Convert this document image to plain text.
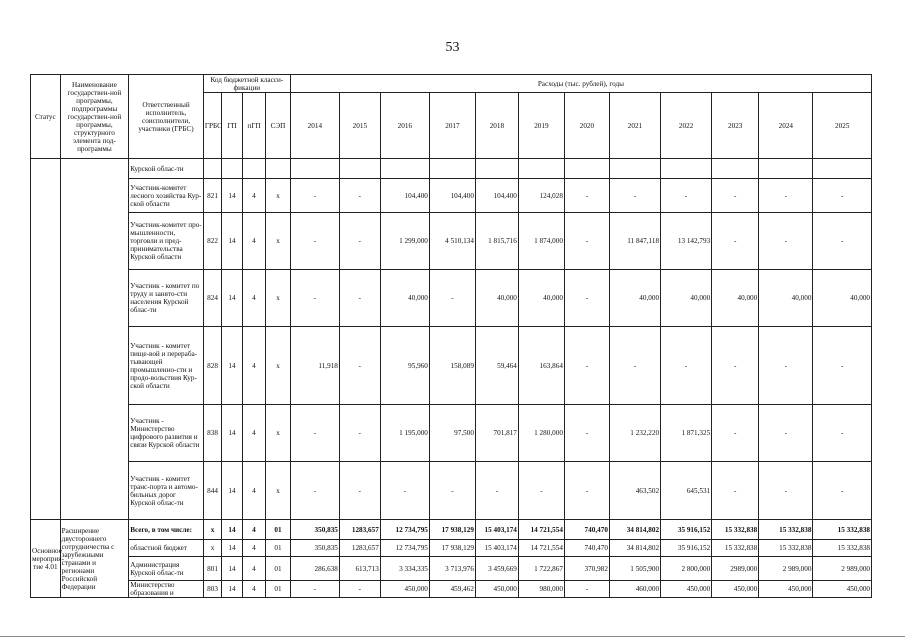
53
Статус	Наименование государствен-ной программы, подпрограммы государствен-ной программы, структурного элемента под-программы	Ответственный исполнитель, соисполнители, участники (ГРБС)	Код бюджетной класси-фикации				Расходы (тыс. рублей), годы											
			ГРБС	ГП	пГП	СЭП	2014	2015	2016	2017	2018	2019	2020	2021	2022	2023	2024	2025

		Курской облас-ти																
		Участник-комитет лесного хозяйства Кур-ской области	821	14	4	х	-	-	104,400	104,400	104,400	124,028	-	-	-	-	-	-
		Участник-комитет про-мышленности, торговли и пред-принимательства Курской области	822	14	4	х	-	-	1 299,000	4 510,134	1 815,716	1 874,000	-	11 847,118	13 142,793	-	-	-
		Участник - комитет по труду и занято-сти населения Курской облас-ти	824	14	4	х	-	-	40,000	-	40,000	40,000	-	40,000	40,000	40,000	40,000	40,000
		Участник - комитет пище-вой и перераба-тывающей промышленно-сти и продо-вольствия Кур-ской области	828	14	4	х	11,918	-	95,960	158,089	59,464	163,864	-	-	-	-	-	-
		Участник - Министерство цифрового развития и связи Курской области	838	14	4	х	-	-	1 195,000	97,500	701,817	1 280,000	-	1 232,220	1 871,325	-	-	-
		Участник - комитет транс-порта и автомо-бильных дорог Курской облас-ти	844	14	4	х	-	-	-	-	-	-	-	463,502	645,531	-	-	-
Основное мероприя-тие 4.01	Расширение двустороннего сотрудничества с зарубежными странами и регионами Российской Федерации	Всего, в том числе:	х	14	4	01	350,835	1283,657	12 734,795	17 938,129	15 403,174	14 721,554	740,470	34 814,802	35 916,152	15 332,838	15 332,838	15 332,838
		областной бюджет	х	14	4	01	350,835	1283,657	12 734,795	17 938,129	15 403,174	14 721,554	740,470	34 814,802	35 916,152	15 332,838	15 332,838	15 332,838
		Администрация Курской облас-ти	801	14	4	01	286,638	613,713	3 334,335	3 713,976	3 459,669	1 722,867	370,982	1 505,900	2 800,000	2989,000	2 989,000	2 989,000
		Министерство образования и	803	14	4	01	-	-	450,000	459,462	450,000	980,000	-	460,000	450,000	450,000	450,000	450,000
